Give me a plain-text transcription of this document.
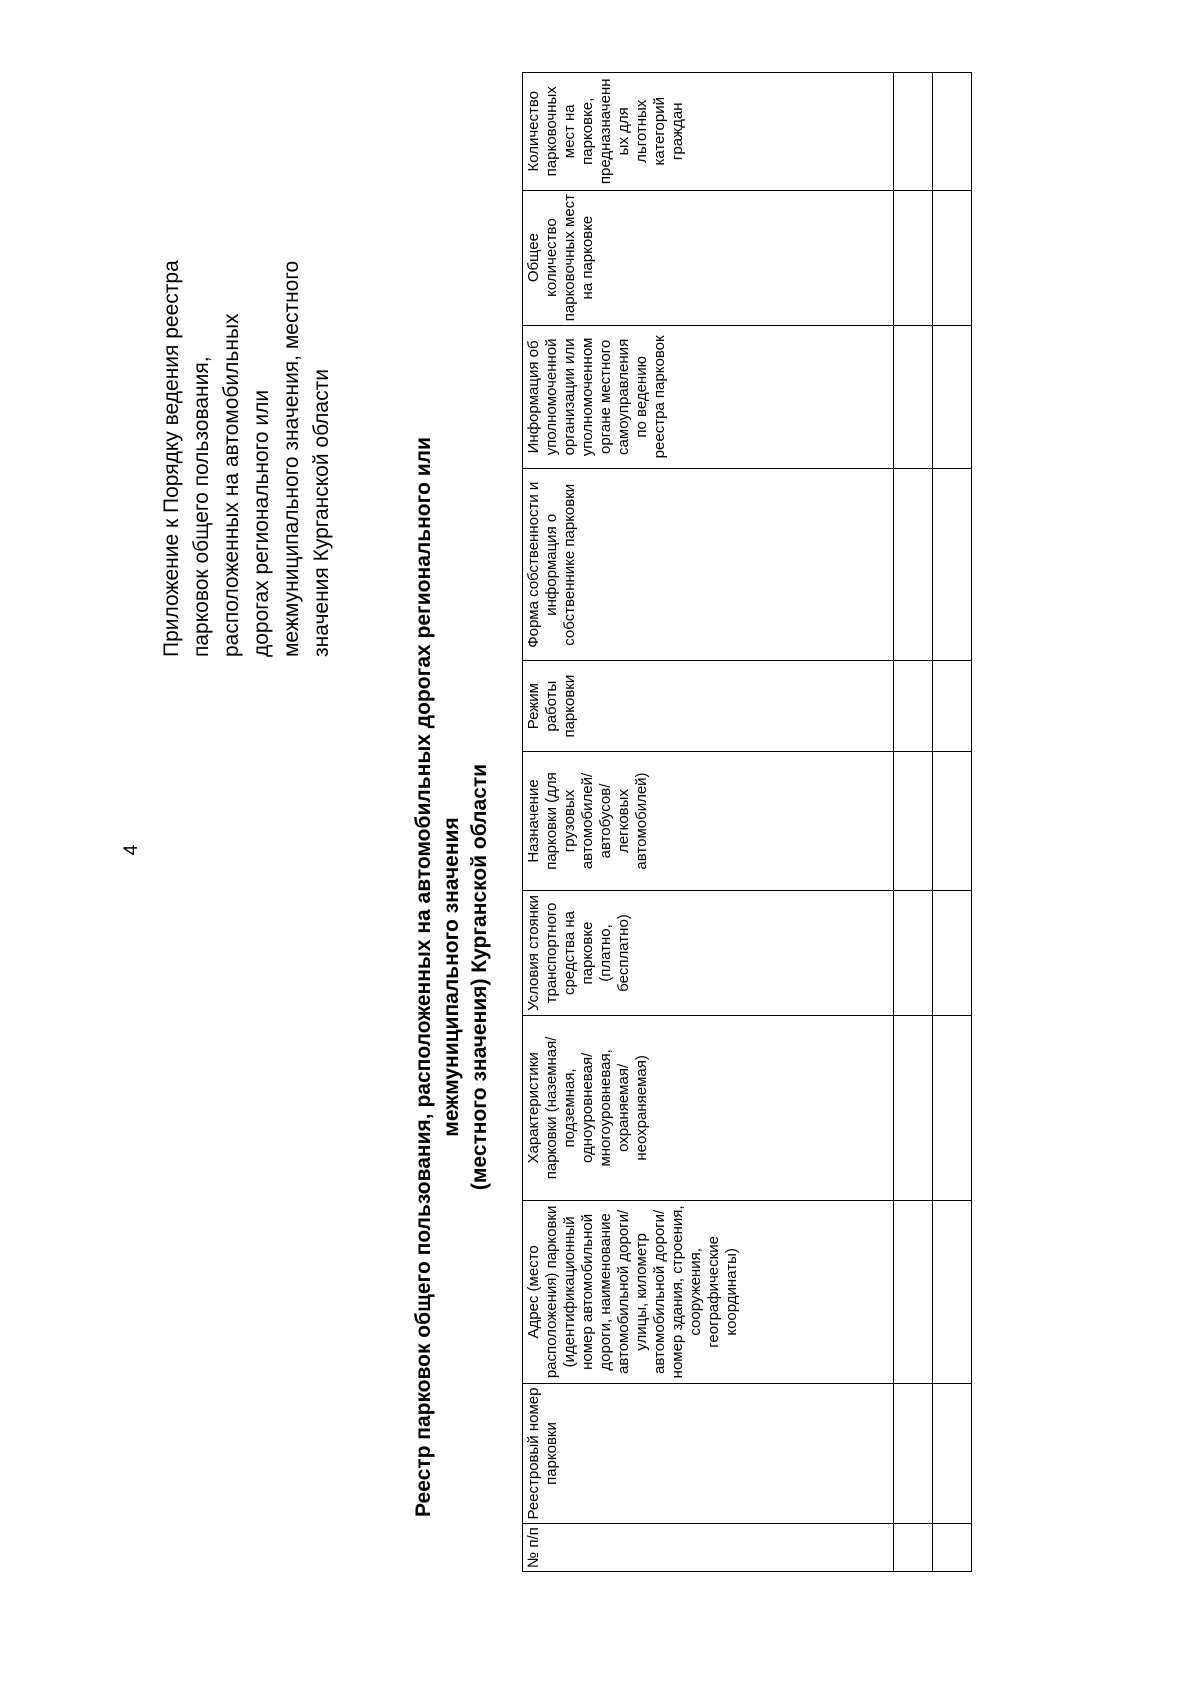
4
Приложение к Порядку ведения реестра парковок общего пользования, расположенных на автомобильных дорогах регионального или межмуниципального значения, местного значения Курганской области	Реестр парковок общего пользования, расположенных на автомобильных дорогах регионального или межмуниципального значения (местного значения) Курганской области
№ п/п	Реестровый номер парковки	Адрес (место расположения) парковки (идентификационный номер автомобильной дороги, наименование автомобильной дороги/улицы, километр автомобильной дороги/номер здания, строения, сооружения, географические координаты)	Характеристики парковки (наземная/ подземная, одноуровневая/ многоуровневая, охраняемая/ неохраняемая)	Условия стоянки транспортного средства на парковке (платно, бесплатно)	Назначение парковки (для грузовых автомобилей/ автобусов/ легковых автомобилей)	Режим работы парковки	Форма собственности и информация о собственнике парковки	Информация об уполномоченной организации или уполномоченном органе местного самоуправления по ведению реестра парковок	Общее количество парковочных мест на парковке	Количество парковочных мест на парковке, предназначенных для льготных категорий граждан
